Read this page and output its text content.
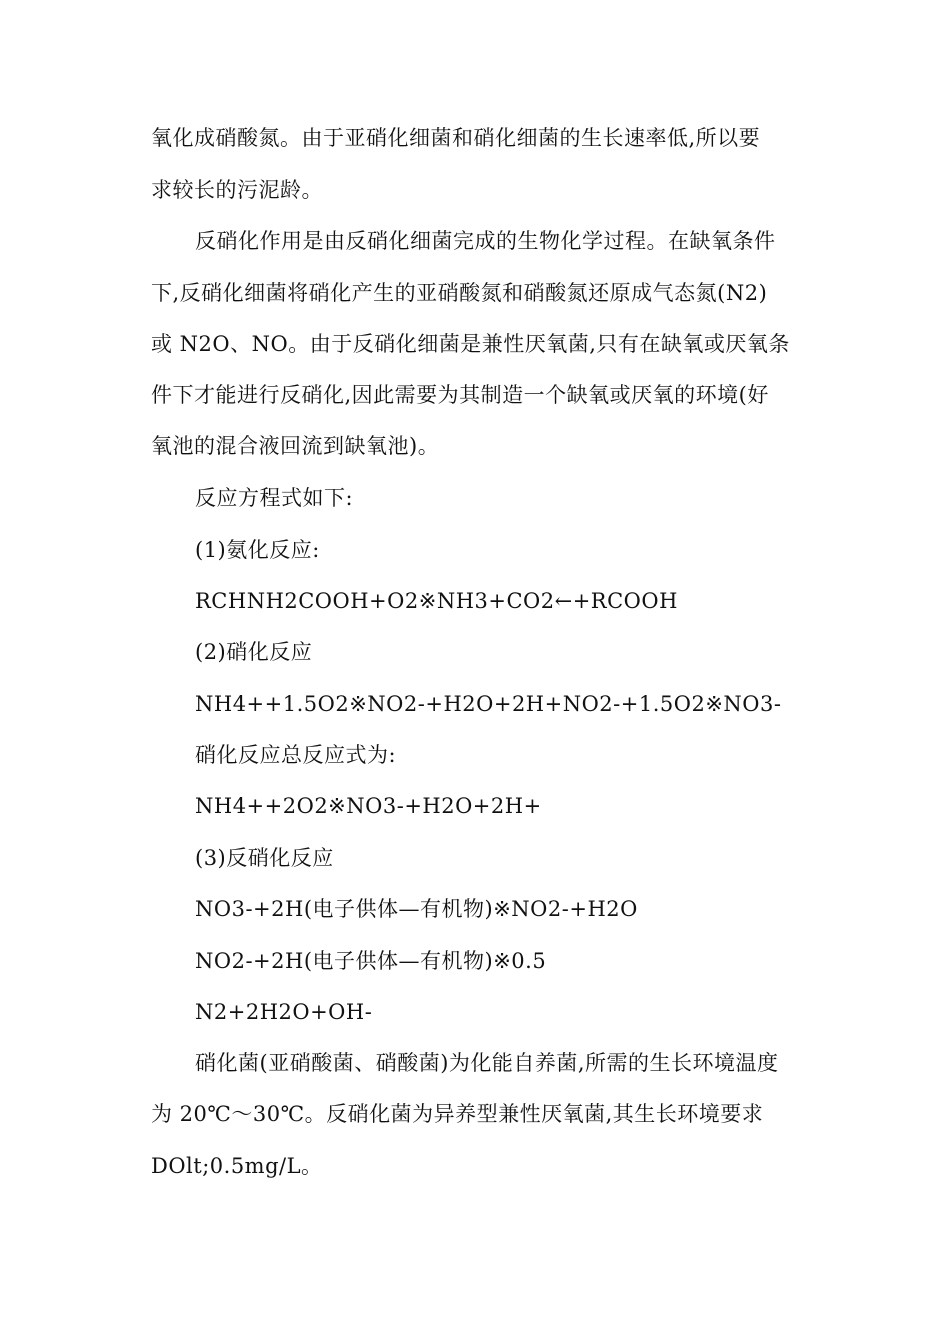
氧化成硝酸氮。由于亚硝化细菌和硝化细菌的生长速率低,所以要
求较长的污泥龄。
反硝化作用是由反硝化细菌完成的生物化学过程。在缺氧条件
下,反硝化细菌将硝化产生的亚硝酸氮和硝酸氮还原成气态氮(N2)
或 N2O、NO。由于反硝化细菌是兼性厌氧菌,只有在缺氧或厌氧条
件下才能进行反硝化,因此需要为其制造一个缺氧或厌氧的环境(好
氧池的混合液回流到缺氧池)。
反应方程式如下:
(1)氨化反应:
RCHNH2COOH+O2※NH3+CO2←+RCOOH
(2)硝化反应
NH4++1.5O2※NO2-+H2O+2H+NO2-+1.5O2※NO3-
硝化反应总反应式为:
NH4++2O2※NO3-+H2O+2H+
(3)反硝化反应
NO3-+2H(电子供体—有机物)※NO2-+H2O
NO2-+2H(电子供体—有机物)※0.5
N2+2H2O+OH-
硝化菌(亚硝酸菌、硝酸菌)为化能自养菌,所需的生长环境温度
为 20℃～30℃。反硝化菌为异养型兼性厌氧菌,其生长环境要求
DOlt;0.5mg/L。
